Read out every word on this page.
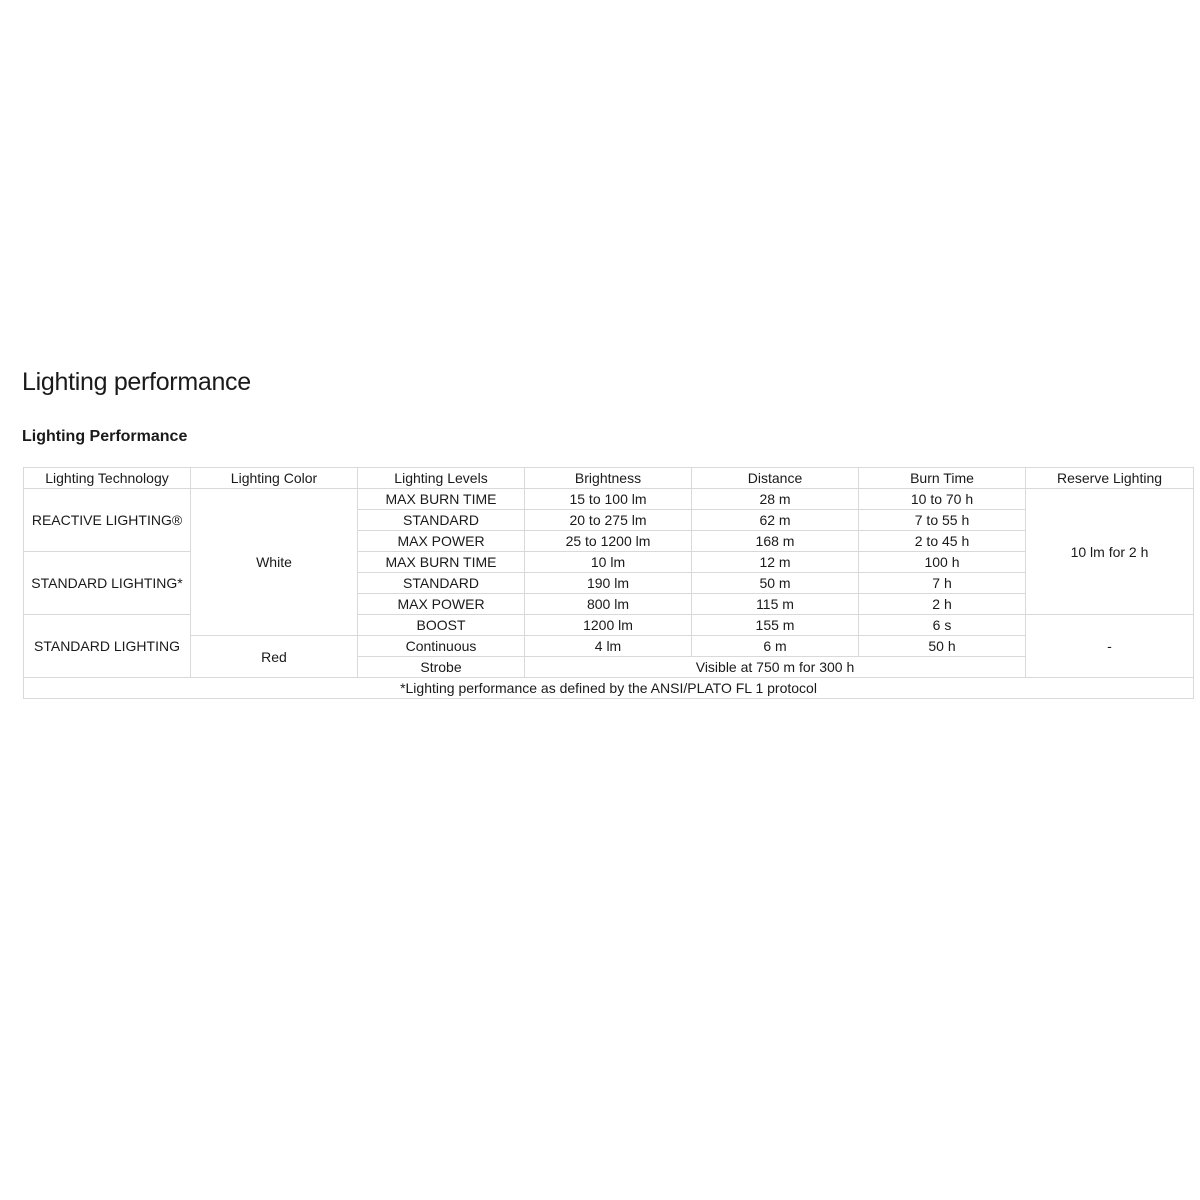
Lighting performance
Lighting Performance
Lighting Technology	Lighting Color	Lighting Levels	Brightness	Distance	Burn Time	Reserve Lighting
REACTIVE LIGHTING®	White	MAX BURN TIME	15 to 100 lm	28 m	10 to 70 h	10 lm for 2 h
		STANDARD	20 to 275 lm	62 m	7 to 55 h	
		MAX POWER	25 to 1200 lm	168 m	2 to 45 h	
STANDARD LIGHTING*		MAX BURN TIME	10 lm	12 m	100 h	
		STANDARD	190 lm	50 m	7 h	
		MAX POWER	800 lm	115 m	2 h	
STANDARD LIGHTING		BOOST	1200 lm	155 m	6 s	-
	Red	Continuous	4 lm	6 m	50 h	
		Strobe	Visible at 750 m for 300 h			
*Lighting performance as defined by the ANSI/PLATO FL 1 protocol						
